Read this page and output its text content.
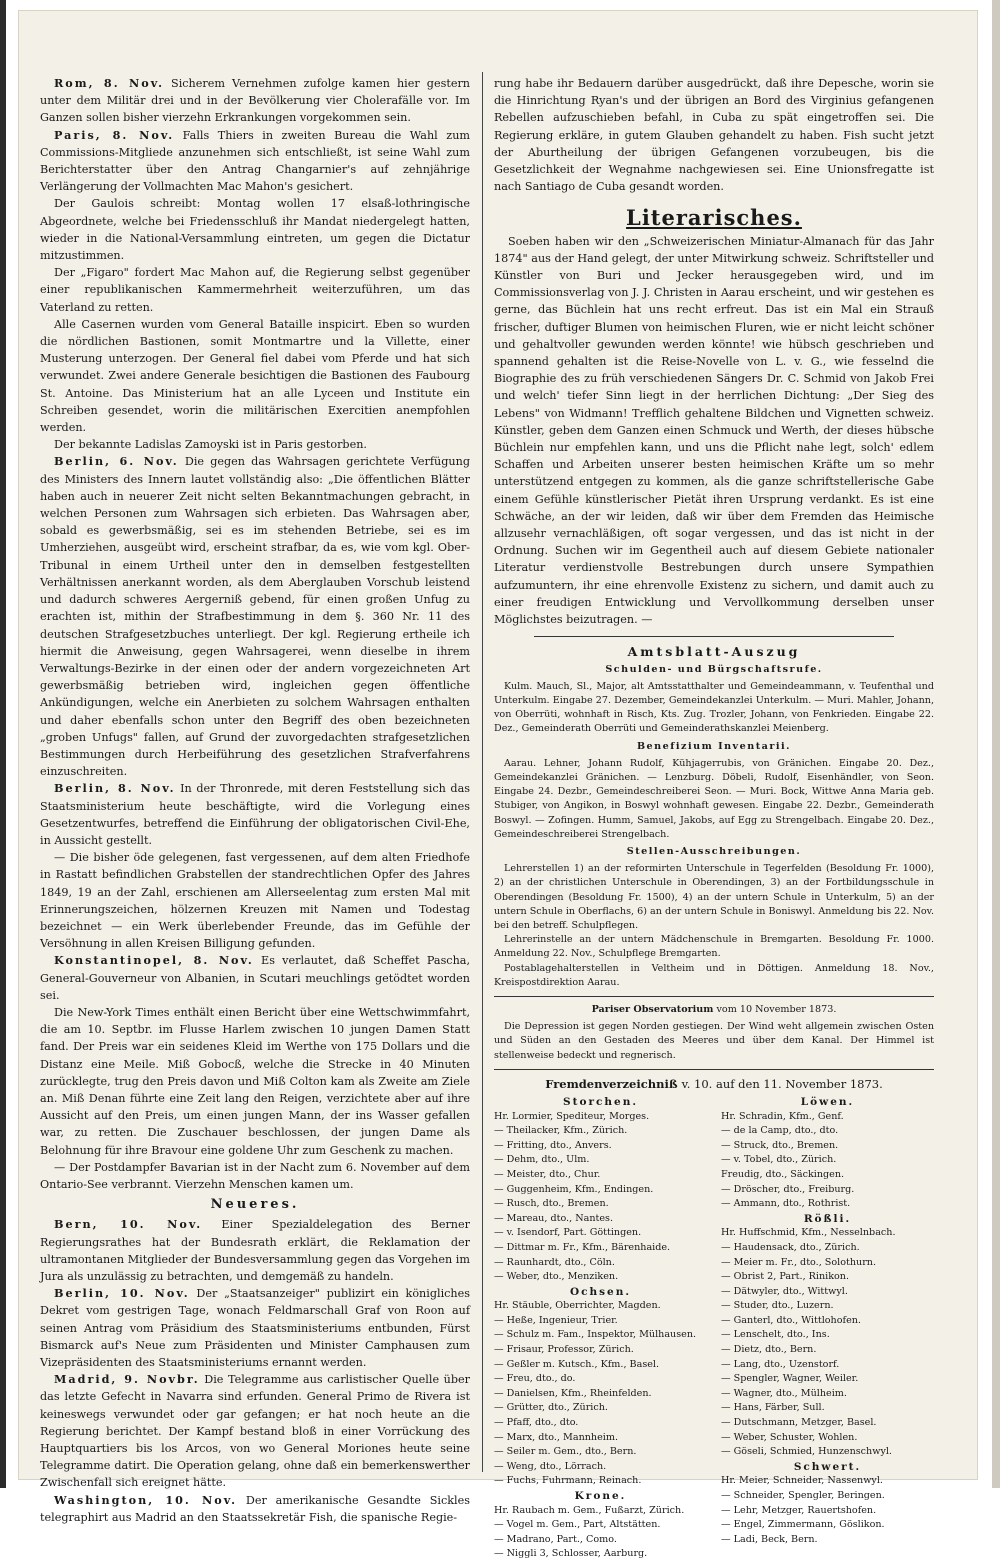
Rom, 8. Nov. Sicherem Vernehmen zufolge kamen hier gestern unter dem Militär drei und in der Bevölkerung vier Cholerafälle vor. Im Ganzen sollen bisher vierzehn Erkrankungen vorgekommen sein.

Paris, 8. Nov. Falls Thiers in zweiten Bureau die Wahl zum Commissions-Mitgliede anzunehmen sich entschließt, ist seine Wahl zum Berichterstatter über den Antrag Changarnier's auf zehnjährige Verlängerung der Vollmachten Mac Mahon's gesichert.

Der Gaulois schreibt: Montag wollen 17 elsaß-lothringische Abgeordnete, welche bei Friedensschluß ihr Mandat niedergelegt hatten, wieder in die National-Versammlung eintreten, um gegen die Dictatur mitzustimmen.

Der „Figaro" fordert Mac Mahon auf, die Regierung selbst gegenüber einer republikanischen Kammermehrheit weiterzuführen, um das Vaterland zu retten.

Alle Casernen wurden vom General Bataille inspicirt. Eben so wurden die nördlichen Bastionen, somit Montmartre und la Villette, einer Musterung unterzogen. Der General fiel dabei vom Pferde und hat sich verwundet. Zwei andere Generale besichtigen die Bastionen des Faubourg St. Antoine. Das Ministerium hat an alle Lyceen und Institute ein Schreiben gesendet, worin die militärischen Exercitien anempfohlen werden.

Der bekannte Ladislas Zamoyski ist in Paris gestorben.

Berlin, 6. Nov. Die gegen das Wahrsagen gerichtete Verfügung des Ministers des Innern lautet vollständig also: „Die öffentlichen Blätter haben auch in neuerer Zeit nicht selten Bekanntmachungen gebracht, in welchen Personen zum Wahrsagen sich erbieten. Das Wahrsagen aber, sobald es gewerbsmäßig, sei es im stehenden Betriebe, sei es im Umherziehen, ausgeübt wird, erscheint strafbar, da es, wie vom kgl. Ober-Tribunal in einem Urtheil unter den in demselben festgestellten Verhältnissen anerkannt worden, als dem Aberglauben Vorschub leistend und dadurch schweres Aergerniß gebend, für einen großen Unfug zu erachten ist, mithin der Strafbestimmung in dem §. 360 Nr. 11 des deutschen Strafgesetzbuches unterliegt. Der kgl. Regierung ertheile ich hiermit die Anweisung, gegen Wahrsagerei, wenn dieselbe in ihrem Verwaltungs-Bezirke in der einen oder der andern vorgezeichneten Art gewerbsmäßig betrieben wird, ingleichen gegen öffentliche Ankündigungen, welche ein Anerbieten zu solchem Wahrsagen enthalten und daher ebenfalls schon unter den Begriff des oben bezeichneten „groben Unfugs" fallen, auf Grund der zuvorgedachten strafgesetzlichen Bestimmungen durch Herbeiführung des gesetzlichen Strafverfahrens einzuschreiten.

Berlin, 8. Nov. In der Thronrede, mit deren Feststellung sich das Staatsministerium heute beschäftigte, wird die Vorlegung eines Gesetzentwurfes, betreffend die Einführung der obligatorischen Civil-Ehe, in Aussicht gestellt.

— Die bisher öde gelegenen, fast vergessenen, auf dem alten Friedhofe in Rastatt befindlichen Grabstellen der standrechtlichen Opfer des Jahres 1849, 19 an der Zahl, erschienen am Allerseelentag zum ersten Mal mit Erinnerungszeichen, hölzernen Kreuzen mit Namen und Todestag bezeichnet — ein Werk überlebender Freunde, das im Gefühle der Versöhnung in allen Kreisen Billigung gefunden.

Konstantinopel, 8. Nov. Es verlautet, daß Scheffet Pascha, General-Gouverneur von Albanien, in Scutari meuchlings getödtet worden sei.

Die New-York Times enthält einen Bericht über eine Wettschwimmfahrt, die am 10. Septbr. im Flusse Harlem zwischen 10 jungen Damen Statt fand. Der Preis war ein seidenes Kleid im Werthe von 175 Dollars und die Distanz eine Meile. Miß Gobocß, welche die Strecke in 40 Minuten zurücklegte, trug den Preis davon und Miß Colton kam als Zweite am Ziele an. Miß Denan führte eine Zeit lang den Reigen, verzichtete aber auf ihre Aussicht auf den Preis, um einen jungen Mann, der ins Wasser gefallen war, zu retten. Die Zuschauer beschlossen, der jungen Dame als Belohnung für ihre Bravour eine goldene Uhr zum Geschenk zu machen.

— Der Postdampfer Bavarian ist in der Nacht zum 6. November auf dem Ontario-See verbrannt. Vierzehn Menschen kamen um.

Neueres.

Bern, 10. Nov. Einer Spezialdelegation des Berner Regierungsrathes hat der Bundesrath erklärt, die Reklamation der ultramontanen Mitglieder der Bundesversammlung gegen das Vorgehen im Jura als unzulässig zu betrachten, und demgemäß zu handeln.

Berlin, 10. Nov. Der „Staatsanzeiger" publizirt ein königliches Dekret vom gestrigen Tage, wonach Feldmarschall Graf von Roon auf seinen Antrag vom Präsidium des Staatsministeriums entbunden, Fürst Bismarck auf's Neue zum Präsidenten und Minister Camphausen zum Vizepräsidenten des Staatsministeriums ernannt werden.

Madrid, 9. Novbr. Die Telegramme aus carlistischer Quelle über das letzte Gefecht in Navarra sind erfunden. General Primo de Rivera ist keineswegs verwundet oder gar gefangen; er hat noch heute an die Regierung berichtet. Der Kampf bestand bloß in einer Vorrückung des Hauptquartiers bis los Arcos, von wo General Moriones heute seine Telegramme datirt. Die Operation gelang, ohne daß ein bemerkenswerther Zwischenfall sich ereignet hätte.

Washington, 10. Nov. Der amerikanische Gesandte Sickles telegraphirt aus Madrid an den Staatssekretär Fish, die spanische Regie-

rung habe ihr Bedauern darüber ausgedrückt, daß ihre Depesche, worin sie die Hinrichtung Ryan's und der übrigen an Bord des Virginius gefangenen Rebellen aufzuschieben befahl, in Cuba zu spät eingetroffen sei. Die Regierung erkläre, in gutem Glauben gehandelt zu haben. Fish sucht jetzt der Aburtheilung der übrigen Gefangenen vorzubeugen, bis die Gesetzlichkeit der Wegnahme nachgewiesen sei. Eine Unionsfregatte ist nach Santiago de Cuba gesandt worden.

Literarisches.

Soeben haben wir den „Schweizerischen Miniatur-Almanach für das Jahr 1874" aus der Hand gelegt, der unter Mitwirkung schweiz. Schriftsteller und Künstler von Buri und Jecker herausgegeben wird, und im Commissionsverlag von J. J. Christen in Aarau erscheint, und wir gestehen es gerne, das Büchlein hat uns recht erfreut. Das ist ein Mal ein Strauß frischer, duftiger Blumen von heimischen Fluren, wie er nicht leicht schöner und gehaltvoller gewunden werden könnte! wie hübsch geschrieben und spannend gehalten ist die Reise-Novelle von L. v. G., wie fesselnd die Biographie des zu früh verschiedenen Sängers Dr. C. Schmid von Jakob Frei und welch' tiefer Sinn liegt in der herrlichen Dichtung: „Der Sieg des Lebens" von Widmann! Trefflich gehaltene Bildchen und Vignetten schweiz. Künstler, geben dem Ganzen einen Schmuck und Werth, der dieses hübsche Büchlein nur empfehlen kann, und uns die Pflicht nahe legt, solch' edlem Schaffen und Arbeiten unserer besten heimischen Kräfte um so mehr unterstützend entgegen zu kommen, als die ganze schriftstellerische Gabe einem Gefühle künstlerischer Pietät ihren Ursprung verdankt. Es ist eine Schwäche, an der wir leiden, daß wir über dem Fremden das Heimische allzusehr vernachläßigen, oft sogar vergessen, und das ist nicht in der Ordnung. Suchen wir im Gegentheil auch auf diesem Gebiete nationaler Literatur verdienstvolle Bestrebungen durch unsere Sympathien aufzumuntern, ihr eine ehrenvolle Existenz zu sichern, und damit auch zu einer freudigen Entwicklung und Vervollkommung derselben unser Möglichstes beizutragen. —

Amtsblatt-Auszug
Schulden- und Bürgschaftsrufe.

Kulm. Mauch, Sl., Major, alt Amtsstatthalter und Gemeindeammann, v. Teufenthal und Unterkulm. Eingabe 27. Dezember, Gemeindekanzlei Unterkulm. — Muri. Mahler, Johann, von Oberrüti, wohnhaft in Risch, Kts. Zug. Trozler, Johann, von Fenkrieden. Eingabe 22. Dez., Gemeinderath Oberrüti und Gemeinderathskanzlei Meienberg.

Benefizium Inventarii.

Aarau. Lehner, Johann Rudolf, Kühjagerrubis, von Gränichen. Eingabe 20. Dez., Gemeindekanzlei Gränichen. — Lenzburg. Döbeli, Rudolf, Eisenhändler, von Seon. Eingabe 24. Dezbr., Gemeindeschreiberei Seon. — Muri. Bock, Wittwe Anna Maria geb. Stubiger, von Angikon, in Boswyl wohnhaft gewesen. Eingabe 22. Dezbr., Gemeinderath Boswyl. — Zofingen. Humm, Samuel, Jakobs, auf Egg zu Strengelbach. Eingabe 20. Dez., Gemeindeschreiberei Strengelbach.

Stellen-Ausschreibungen.

Lehrerstellen 1) an der reformirten Unterschule in Tegerfelden (Besoldung Fr. 1000), 2) an der christlichen Unterschule in Oberendingen, 3) an der Fortbildungsschule in Oberendingen (Besoldung Fr. 1500), 4) an der untern Schule in Unterkulm, 5) an der untern Schule in Oberflachs, 6) an der untern Schule in Boniswyl. Anmeldung bis 22. Nov. bei den betreff. Schulpflegen.

Lehrerinstelle an der untern Mädchenschule in Bremgarten. Besoldung Fr. 1000. Anmeldung 22. Nov., Schulpflege Bremgarten.

Postablagehalterstellen in Veltheim und in Döttigen. Anmeldung 18. Nov., Kreispostdirektion Aarau.

Pariser Observatorium vom 10 November 1873.

Die Depression ist gegen Norden gestiegen. Der Wind weht allgemein zwischen Osten und Süden an den Gestaden des Meeres und über dem Kanal. Der Himmel ist stellenweise bedeckt und regnerisch.

Fremdenverzeichniß v. 10. auf den 11. November 1873.
Storchen.
Hr. Lormier, Spediteur, Morges.
— Theilacker, Kfm., Zürich.
— Fritting, dto., Anvers.
— Dehm, dto., Ulm.
— Meister, dto., Chur.
— Guggenheim, Kfm., Endingen.
— Rusch, dto., Bremen.
— Mareau, dto., Nantes.
— v. Isendorf, Part. Göttingen.
— Dittmar m. Fr., Kfm., Bärenhaide.
— Raunhardt, dto., Cöln.
— Weber, dto., Menziken.
Ochsen.
Hr. Stäuble, Oberrichter, Magden.
— Heße, Ingenieur, Trier.
— Schulz m. Fam., Inspektor, Mülhausen.
— Frisaur, Professor, Zürich.
— Geßler m. Kutsch., Kfm., Basel.
— Freu, dto., do.
— Danielsen, Kfm., Rheinfelden.
— Grütter, dto., Zürich.
— Pfaff, dto., dto.
— Marx, dto., Mannheim.
— Seiler m. Gem., dto., Bern.
— Weng, dto., Lörrach.
— Fuchs, Fuhrmann, Reinach.
Krone.
Hr. Raubach m. Gem., Fußarzt, Zürich.
— Vogel m. Gem., Part, Altstätten.
— Madrano, Part., Como.
— Niggli 3, Schlosser, Aarburg.
Löwen.
Hr. Schradin, Kfm., Genf.
— de la Camp, dto., dto.
— Struck, dto., Bremen.
— v. Tobel, dto., Zürich.
Freudig, dto., Säckingen.
— Dröscher, dto., Freiburg.
— Ammann, dto., Rothrist.
Rößli.
Hr. Huffschmid, Kfm., Nesselnbach.
— Haudensack, dto., Zürich.
— Meier m. Fr., dto., Solothurn.
— Obrist 2, Part., Rinikon.
— Dätwyler, dto., Wittwyl.
— Studer, dto., Luzern.
— Ganterl, dto., Wittlohofen.
— Lenschelt, dto., Ins.
— Dietz, dto., Bern.
— Lang, dto., Uzenstorf.
— Spengler, Wagner, Weiler.
— Wagner, dto., Mülheim.
— Hans, Färber, Sull.
— Dutschmann, Metzger, Basel.
— Weber, Schuster, Wohlen.
— Göseli, Schmied, Hunzenschwyl.
Schwert.
Hr. Meier, Schneider, Nassenwyl.
— Schneider, Spengler, Beringen.
— Lehr, Metzger, Rauertshofen.
— Engel, Zimmermann, Göslikon.
— Ladi, Beck, Bern.
